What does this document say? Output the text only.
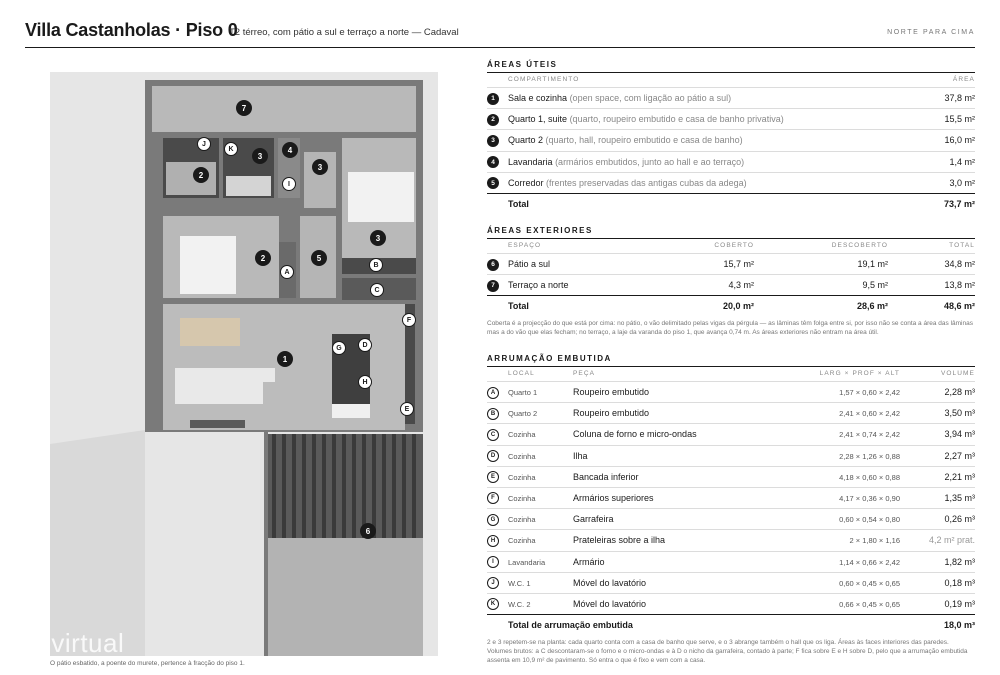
Villa Castanholas · Piso 0
T2 térreo, com pátio a sul e terraço a norte — Cadaval	NORTE PARA CIMA
7
2
3
4
3
3
2	5
1
6
J
K
I
A
B
C
F
G	D
H
E
imovirtual
O pátio esbatido, a poente do murete, pertence à fracção do piso 1.
ÁREAS ÚTEIS
COMPARTIMENTO	ÁREA
1	Sala e cozinha (open space, com ligação ao pátio a sul)	37,8 m²
2	Quarto 1, suite (quarto, roupeiro embutido e casa de banho privativa)	15,5 m²
3	Quarto 2 (quarto, hall, roupeiro embutido e casa de banho)	16,0 m²
4	Lavandaria (armários embutidos, junto ao hall e ao terraço)	1,4 m²
5	Corredor (frentes preservadas das antigas cubas da adega)	3,0 m²
Total	73,7 m²
ÁREAS EXTERIORES
ESPAÇO	COBERTO	DESCOBERTO	TOTAL
6	Pátio a sul	15,7 m²	19,1 m²	34,8 m²
7	Terraço a norte	4,3 m²	9,5 m²	13,8 m²
Total	20,0 m²	28,6 m²	48,6 m²
Coberta é a projecção do que está por cima: no pátio, o vão delimitado pelas vigas da pérgula — as lâminas têm folga entre si, por isso não se conta a área das lâminas mas a do vão que elas fecham; no terraço, a laje da varanda do piso 1, que avança 0,74 m. As áreas exteriores não entram na área útil.
ARRUMAÇÃO EMBUTIDA
LOCAL	PEÇA	LARG × PROF × ALT	VOLUME
A	Quarto 1	Roupeiro embutido	1,57 × 0,60 × 2,42	2,28 m³
B	Quarto 2	Roupeiro embutido	2,41 × 0,60 × 2,42	3,50 m³
C	Cozinha	Coluna de forno e micro-ondas	2,41 × 0,74 × 2,42	3,94 m³
D	Cozinha	Ilha	2,28 × 1,26 × 0,88	2,27 m³
E	Cozinha	Bancada inferior	4,18 × 0,60 × 0,88	2,21 m³
F	Cozinha	Armários superiores	4,17 × 0,36 × 0,90	1,35 m³
G	Cozinha	Garrafeira	0,60 × 0,54 × 0,80	0,26 m³
H	Cozinha	Prateleiras sobre a ilha	2 × 1,80 × 1,16	4,2 m² prat.
I	Lavandaria	Armário	1,14 × 0,66 × 2,42	1,82 m³
J	W.C. 1	Móvel do lavatório	0,60 × 0,45 × 0,65	0,18 m³
K	W.C. 2	Móvel do lavatório	0,66 × 0,45 × 0,65	0,19 m³
Total de arrumação embutida	18,0 m³
2 e 3 repetem-se na planta: cada quarto conta com a casa de banho que serve, e o 3 abrange também o hall que os liga. Áreas às faces interiores das paredes. Volumes brutos: a C descontaram-se o forno e o micro-ondas e à D o nicho da garrafeira, contado à parte; F fica sobre E e H sobre D, pelo que a arrumação embutida assenta em 10,9 m² de pavimento. Só entra o que é fixo e vem com a casa.
